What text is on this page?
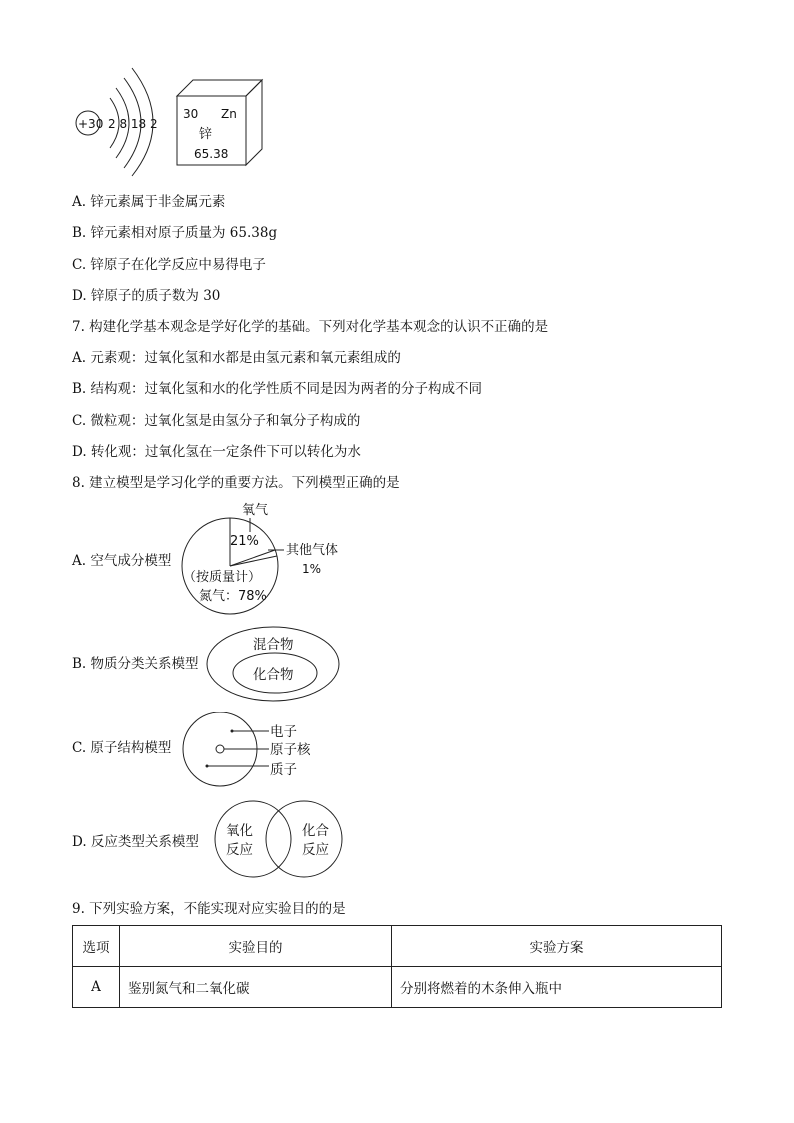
+30 2 8 18 2
30 Zn
锌
65.38
A. 锌元素属于非金属元素
B. 锌元素相对原子质量为 65.38g
C. 锌原子在化学反应中易得电子
D. 锌原子的质子数为 30
7. 构建化学基本观念是学好化学的基础。下列对化学基本观念的认识不正确的是
A. 元素观：过氧化氢和水都是由氢元素和氧元素组成的
B. 结构观：过氧化氢和水的化学性质不同是因为两者的分子构成不同
C. 微粒观：过氧化氢是由氢分子和氧分子构成的
D. 转化观：过氧化氢在一定条件下可以转化为水
8. 建立模型是学习化学的重要方法。下列模型正确的是
A. 空气成分模型
氧气
21%
其他气体
1%
（按质量计）
氮气：78%
B. 物质分类关系模型
混合物
化合物
C. 原子结构模型
电子
原子核
质子
D. 反应类型关系模型
氧化
反应
化合
反应
9. 下列实验方案，不能实现对应实验目的的是
选项	实验目的	实验方案
A	鉴别氮气和二氧化碳	分别将燃着的木条伸入瓶中
